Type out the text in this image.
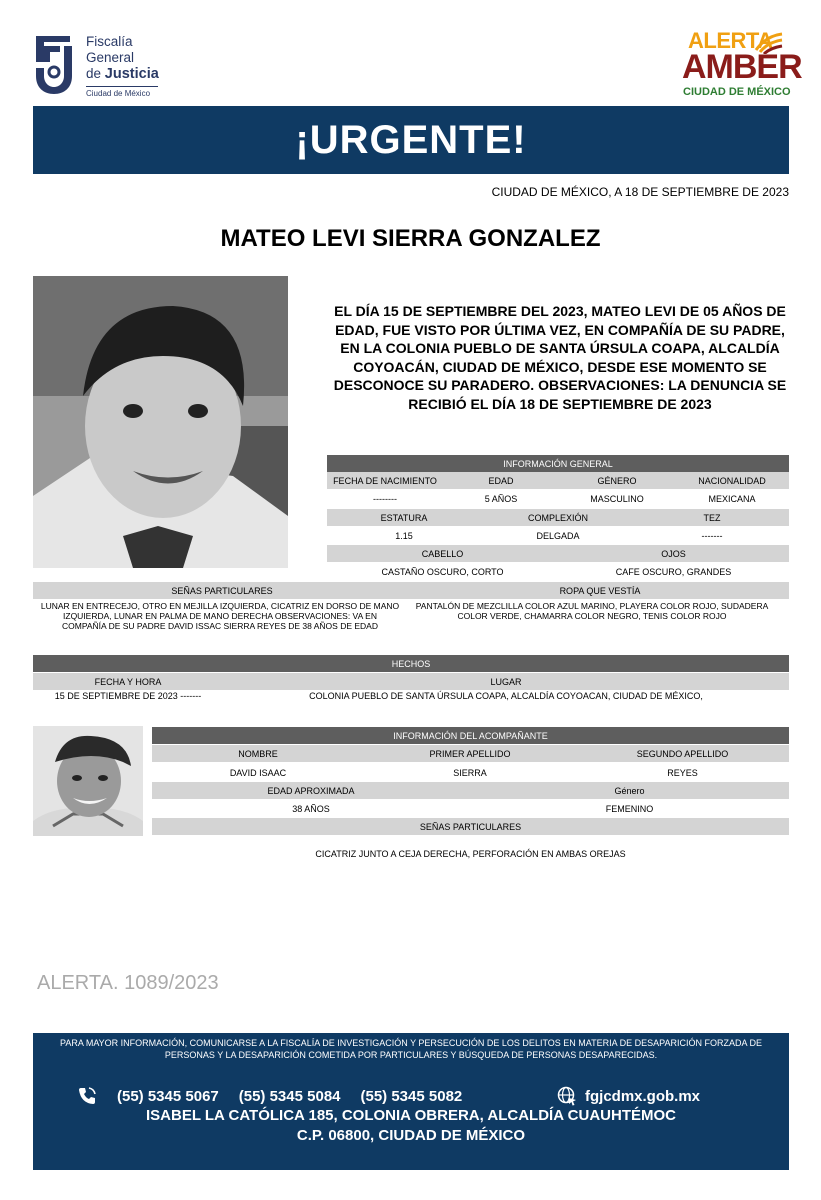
Fiscalía
General
de Justicia
Ciudad de México
ALERTA
AMBER
CIUDAD DE MÉXICO
¡URGENTE!
CIUDAD DE MÉXICO, A 18 DE SEPTIEMBRE DE 2023
MATEO LEVI SIERRA GONZALEZ
EL DÍA 15 DE SEPTIEMBRE DEL 2023, MATEO LEVI DE 05 AÑOS DE EDAD, FUE VISTO POR ÚLTIMA VEZ, EN COMPAÑÍA DE SU PADRE, EN LA COLONIA PUEBLO DE SANTA ÚRSULA COAPA, ALCALDÍA COYOACÁN, CIUDAD DE MÉXICO, DESDE ESE MOMENTO SE DESCONOCE SU PARADERO. OBSERVACIONES: LA DENUNCIA SE RECIBIÓ EL DÍA 18 DE SEPTIEMBRE DE 2023
INFORMACIÓN GENERAL
FECHA DE NACIMIENTO	EDAD	GÉNERO	NACIONALIDAD
--------	5 AÑOS	MASCULINO	MEXICANA
ESTATURA	COMPLEXIÓN	TEZ
1.15	DELGADA	-------
CABELLO	OJOS
CASTAÑO OSCURO, CORTO	CAFE OSCURO, GRANDES
SEÑAS PARTICULARES	ROPA QUE VESTÍA
LUNAR EN ENTRECEJO, OTRO EN MEJILLA IZQUIERDA, CICATRIZ EN DORSO DE MANO IZQUIERDA, LUNAR EN PALMA DE MANO DERECHA OBSERVACIONES: VA EN COMPAÑÍA DE SU PADRE DAVID ISSAC SIERRA REYES DE 38 AÑOS DE EDAD
PANTALÓN DE MEZCLILLA COLOR AZUL MARINO, PLAYERA COLOR ROJO, SUDADERA COLOR VERDE, CHAMARRA COLOR NEGRO, TENIS COLOR ROJO
HECHOS
FECHA Y HORA	LUGAR
15 DE SEPTIEMBRE DE 2023 -------	COLONIA PUEBLO DE SANTA ÚRSULA COAPA, ALCALDÍA COYOACAN, CIUDAD DE MÉXICO,
INFORMACIÓN DEL ACOMPAÑANTE
NOMBRE	PRIMER APELLIDO	SEGUNDO APELLIDO
DAVID ISAAC	SIERRA	REYES
EDAD APROXIMADA	Género
38 AÑOS	FEMENINO
SEÑAS PARTICULARES
CICATRIZ JUNTO A CEJA DERECHA, PERFORACIÓN EN AMBAS OREJAS
ALERTA. 1089/2023
PARA MAYOR INFORMACIÓN, COMUNICARSE A LA FISCALÍA DE INVESTIGACIÓN Y PERSECUCIÓN DE LOS DELITOS EN MATERIA DE DESAPARICIÓN FORZADA DE PERSONAS Y LA DESAPARICIÓN COMETIDA POR PARTICULARES Y BÚSQUEDA DE PERSONAS DESAPARECIDAS.
(55) 5345 5067 (55) 5345 5084 (55) 5345 5082	fgjcdmx.gob.mx
ISABEL LA CATÓLICA 185, COLONIA OBRERA, ALCALDÍA CUAUHTÉMOC
C.P. 06800, CIUDAD DE MÉXICO
